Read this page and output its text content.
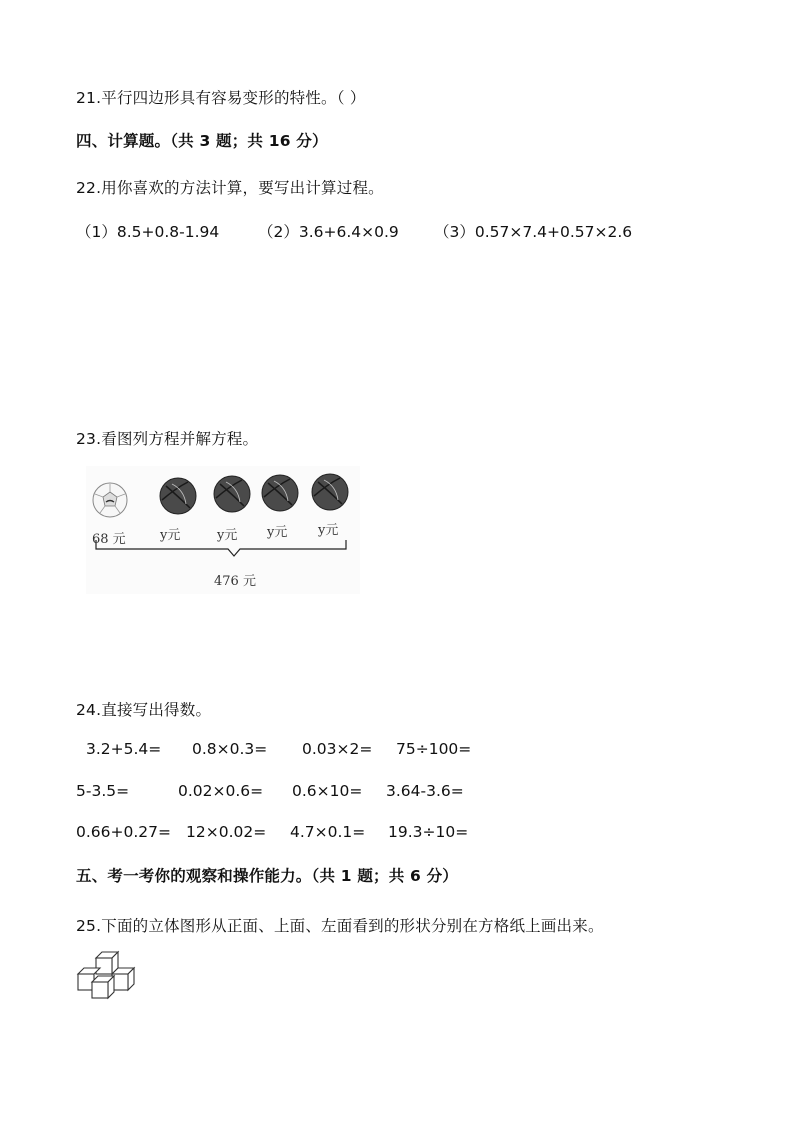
21.平行四边形具有容易变形的特性。（ ）
四、计算题。（共 3 题；共 16 分）
22.用你喜欢的方法计算，要写出计算过程。
（1）8.5+0.8-1.94 （2）3.6+6.4×0.9 （3）0.57×7.4+0.57×2.6
23.看图列方程并解方程。
68 元	y元	y元 y元 y元
476 元
24.直接写出得数。
3.2+5.4= 0.8×0.3= 0.03×2= 75÷100=
5-3.5=	0.02×0.6= 0.6×10= 3.64-3.6=
0.66+0.27= 12×0.02= 4.7×0.1= 19.3÷10=
五、考一考你的观察和操作能力。（共 1 题；共 6 分）
25.下面的立体图形从正面、上面、左面看到的形状分别在方格纸上画出来。
